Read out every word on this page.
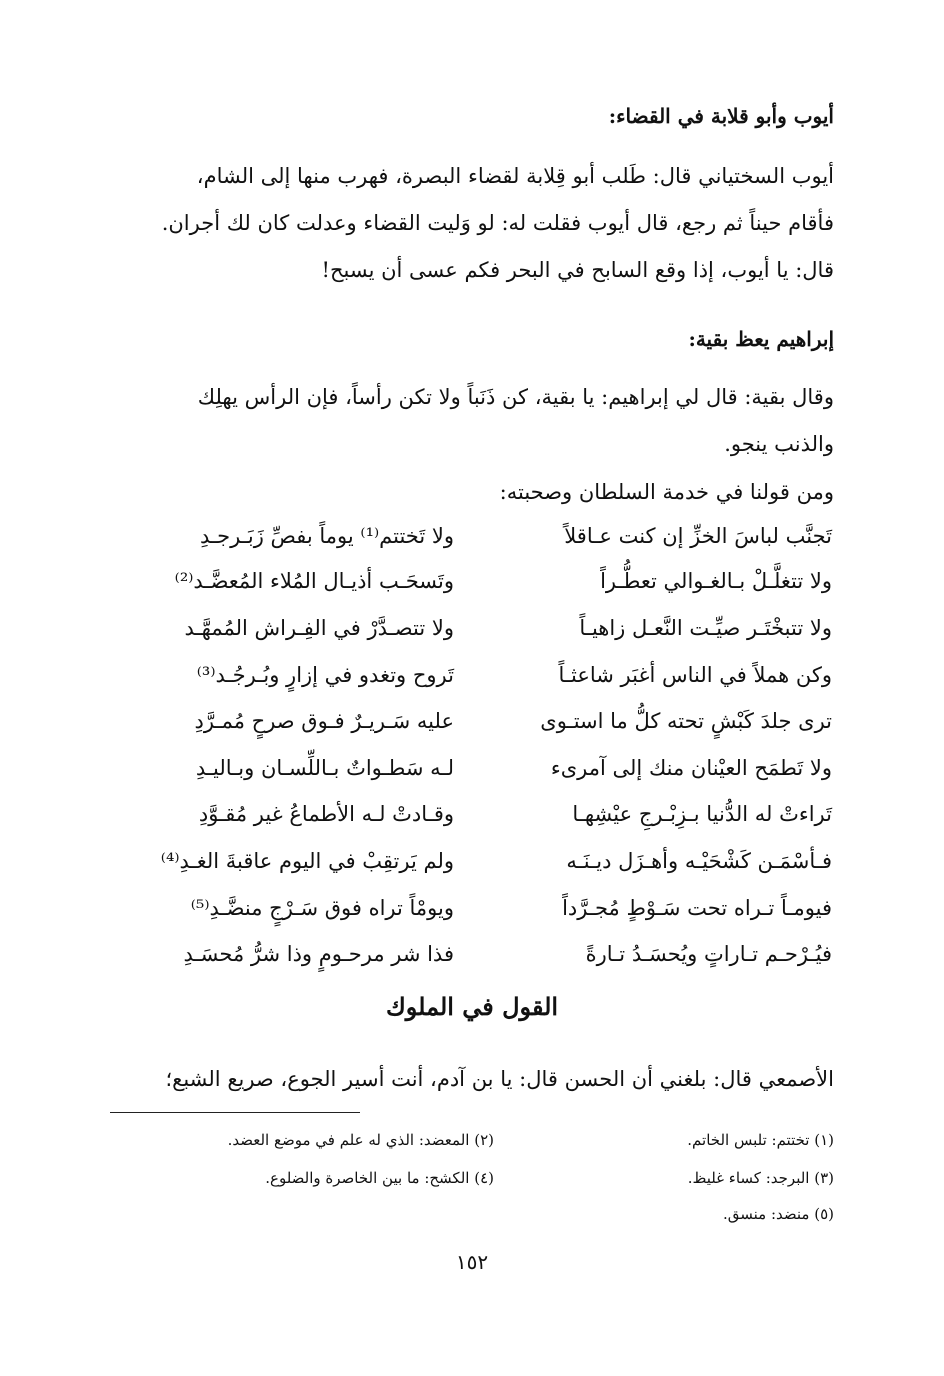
أيوب وأبو قلابة في القضاء:
أيوب السختياني قال: طَلب أبو قِلابة لقضاء البصرة، فهرب منها إلى الشام،
فأقام حيناً ثم رجع، قال أيوب فقلت له: لو وَليت القضاء وعدلت كان لك أجران.
قال: يا أيوب، إذا وقع السابح في البحر فكم عسى أن يسبح!
إبراهيم يعظ بقية:
وقال بقية: قال لي إبراهيم: يا بقية، كن ذَنَباً ولا تكن رأساً، فإن الرأس يهلِك
والذنب ينجو.
ومن قولنا في خدمة السلطان وصحبته:
تَجنَّب لباسَ الخزِّ إن كنت عـاقلاً
ولا تَختتم⁽¹⁾ يوماً بفصِّ زَبَـرجـدِ
ولا تتغلَّـلْ بـالغـوالي تعطُّـراً
وتَسحَـب أذيـال المُلاء المُعضَّـد⁽²⁾
ولا تتبخْتَـر صيِّـت النَّعـل زاهيـاً
ولا تتصـدَّرْ في الفِـراش المُمهَّـد
وكن هملاً في الناس أغبَر شاعثـاً
تَروح وتغدو في إزارٍ وبُـرجُـد⁽³⁾
ترى جلدَ كَبْشٍ تحته كلُّ ما استـوى
عليه سَـريـرٌ فـوق صرحٍ مُمـرَّدِ
ولا تَطمَح العيْنان منك إلى آمرىء
لـه سَطـواتٌ بـاللِّسـان وبـاليـدِ
تَراءتْ له الدُّنيا بـزِبْـرجِ عيْشِهـا
وقـادتْ لـه الأطماعُ غير مُقـوَّدِ
فـأسْمَـن كَشْحَيْـه وأهـزَل ديـنَـه
ولم يَرتقِبْ في اليوم عاقبةَ الغـدِ⁽⁴⁾
فيومـاً تـراه تحت سَـوْطٍ مُجـرَّداً
ويومْاً تراه فوق سَـرْجٍ منضَّـدِ⁽⁵⁾
فيُـرْحـم تـاراتٍ ويُحسَـدُ تـارةً
فذا شر مرحـومٍ وذا شرُّ مُحسَـدِ
القول في الملوك
الأصمعي قال: بلغني أن الحسن قال: يا بن آدم، أنت أسير الجوع، صريع الشبع؛
(١) تختتم: تلبس الخاتم.
(٢) المعضد: الذي له علم في موضع العضد.
(٣) البرجد: كساء غليظ.
(٤) الكشح: ما بين الخاصرة والضلوع.
(٥) منضد: منسق.
١٥٢
